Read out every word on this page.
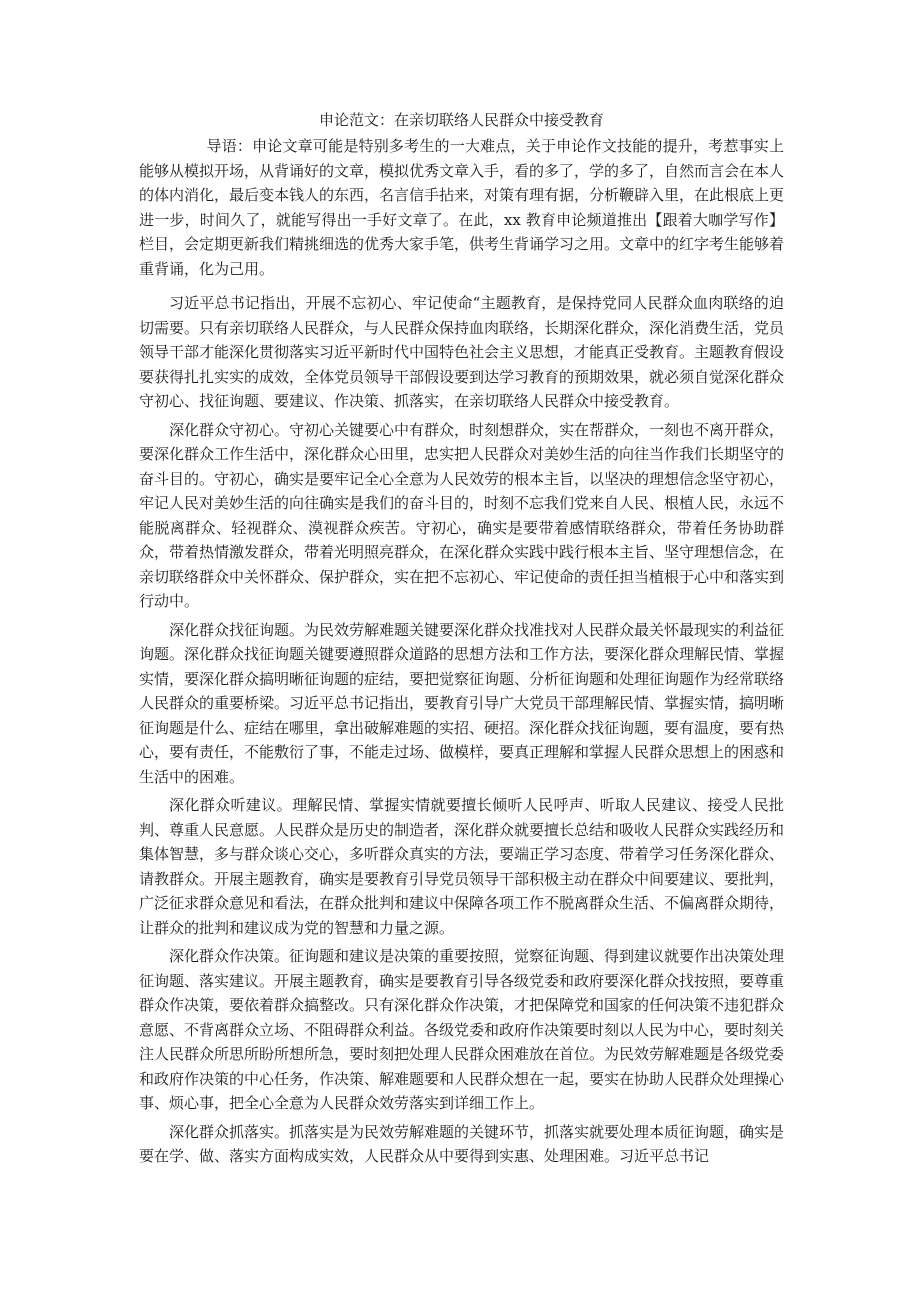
申论范文：在亲切联络人民群众中接受教育

导语：申论文章可能是特别多考生的一大难点，关于申论作文技能的提升，考惹事实上能够从模拟开场，从背诵好的文章，模拟优秀文章入手，看的多了，学的多了，自然而言会在本人的体内消化，最后变本钱人的东西，名言信手拈来，对策有理有据，分析鞭辟入里，在此根底上更进一步，时间久了，就能写得出一手好文章了。在此，xx 教育申论频道推出【跟着大咖学写作】栏目，会定期更新我们精挑细选的优秀大家手笔，供考生背诵学习之用。文章中的红字考生能够着重背诵，化为己用。

习近平总书记指出，开展不忘初心、牢记使命“主题教育，是保持党同人民群众血肉联络的迫切需要。只有亲切联络人民群众，与人民群众保持血肉联络，长期深化群众，深化消费生活，党员领导干部才能深化贯彻落实习近平新时代中国特色社会主义思想，才能真正受教育。主题教育假设要获得扎扎实实的成效，全体党员领导干部假设要到达学习教育的预期效果，就必须自觉深化群众守初心、找征询题、要建议、作决策、抓落实，在亲切联络人民群众中接受教育。

深化群众守初心。守初心关键要心中有群众，时刻想群众，实在帮群众，一刻也不离开群众，要深化群众工作生活中，深化群众心田里，忠实把人民群众对美妙生活的向往当作我们长期坚守的奋斗目的。守初心，确实是要牢记全心全意为人民效劳的根本主旨，以坚决的理想信念坚守初心，牢记人民对美妙生活的向往确实是我们的奋斗目的，时刻不忘我们党来自人民、根植人民，永远不能脱离群众、轻视群众、漠视群众疾苦。守初心，确实是要带着感情联络群众，带着任务协助群众，带着热情激发群众，带着光明照亮群众，在深化群众实践中践行根本主旨、坚守理想信念，在亲切联络群众中关怀群众、保护群众，实在把不忘初心、牢记使命的责任担当植根于心中和落实到行动中。

深化群众找征询题。为民效劳解难题关键要深化群众找准找对人民群众最关怀最现实的利益征询题。深化群众找征询题关键要遵照群众道路的思想方法和工作方法，要深化群众理解民情、掌握实情，要深化群众搞明晰征询题的症结，要把觉察征询题、分析征询题和处理征询题作为经常联络人民群众的重要桥梁。习近平总书记指出，要教育引导广大党员干部理解民情、掌握实情，搞明晰征询题是什么、症结在哪里，拿出破解难题的实招、硬招。深化群众找征询题，要有温度，要有热心，要有责任，不能敷衍了事，不能走过场、做模样，要真正理解和掌握人民群众思想上的困惑和生活中的困难。

深化群众听建议。理解民情、掌握实情就要擅长倾听人民呼声、听取人民建议、接受人民批判、尊重人民意愿。人民群众是历史的制造者，深化群众就要擅长总结和吸收人民群众实践经历和集体智慧，多与群众谈心交心，多听群众真实的方法，要端正学习态度、带着学习任务深化群众、请教群众。开展主题教育，确实是要教育引导党员领导干部积极主动在群众中间要建议、要批判，广泛征求群众意见和看法，在群众批判和建议中保障各项工作不脱离群众生活、不偏离群众期待，让群众的批判和建议成为党的智慧和力量之源。

深化群众作决策。征询题和建议是决策的重要按照，觉察征询题、得到建议就要作出决策处理征询题、落实建议。开展主题教育，确实是要教育引导各级党委和政府要深化群众找按照，要尊重群众作决策，要依着群众搞整改。只有深化群众作决策，才把保障党和国家的任何决策不违犯群众意愿、不背离群众立场、不阻碍群众利益。各级党委和政府作决策要时刻以人民为中心，要时刻关注人民群众所思所盼所想所急，要时刻把处理人民群众困难放在首位。为民效劳解难题是各级党委和政府作决策的中心任务，作决策、解难题要和人民群众想在一起，要实在协助人民群众处理操心事、烦心事，把全心全意为人民群众效劳落实到详细工作上。

深化群众抓落实。抓落实是为民效劳解难题的关键环节，抓落实就要处理本质征询题，确实是要在学、做、落实方面构成实效，人民群众从中要得到实惠、处理困难。习近平总书记
